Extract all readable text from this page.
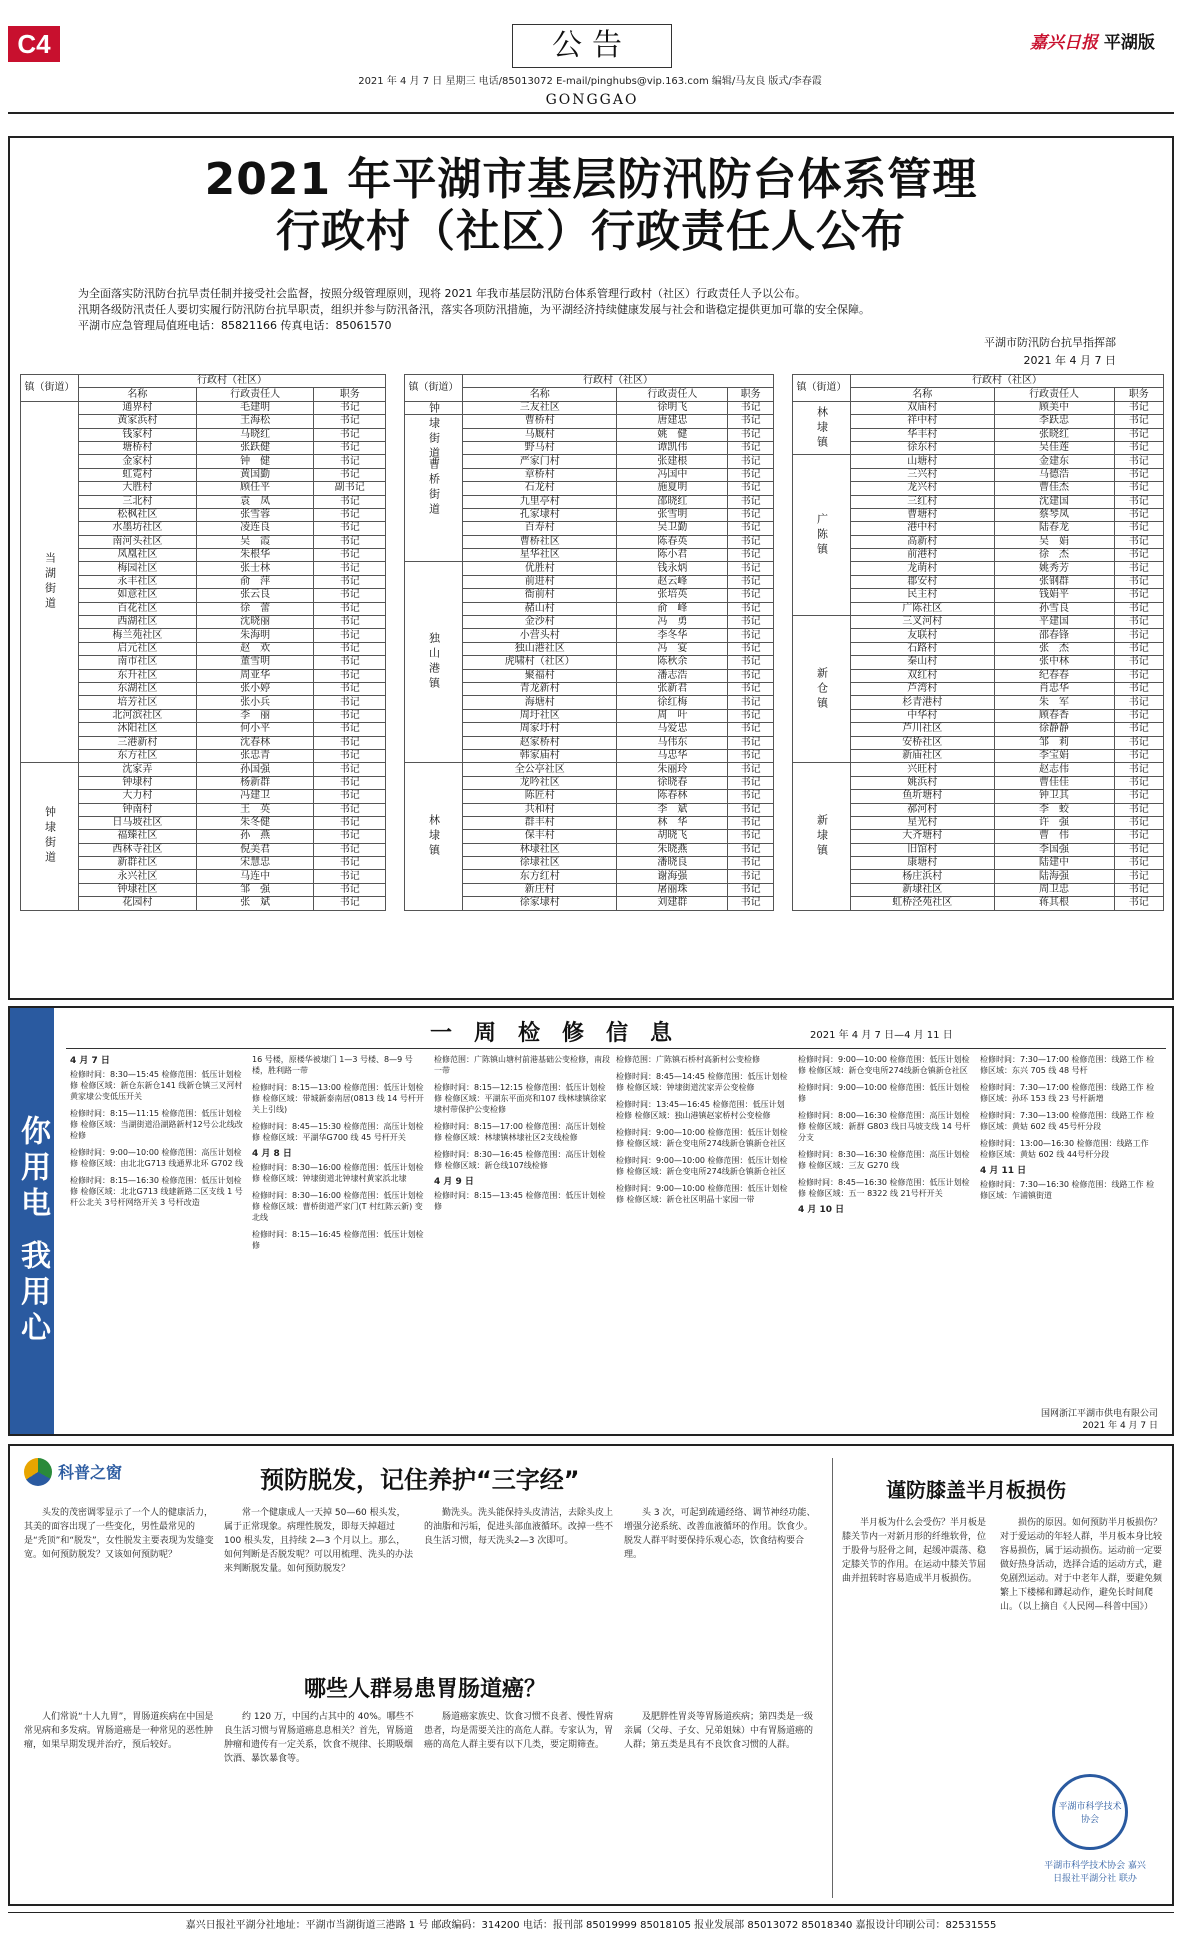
C4	公告
2021 年 4 月 7 日 星期三 电话/85013072 E-mail/pinghubs@vip.163.com 编辑/马友良 版式/李春霞
GONGGAO
嘉兴日报 平湖版
2021 年平湖市基层防汛防台体系管理
行政村（社区）行政责任人公布

为全面落实防汛防台抗旱责任制并接受社会监督，按照分级管理原则，现将 2021 年我市基层防汛防台体系管理行政村（社区）行政责任人予以公布。

汛期各级防汛责任人要切实履行防汛防台抗旱职责，组织并参与防汛备汛，落实各项防汛措施，为平湖经济持续健康发展与社会和谐稳定提供更加可靠的安全保障。

平湖市应急管理局值班电话：85821166 传真电话：85061570

平湖市防汛防台抗旱指挥部
2021 年 4 月 7 日
镇（街道）	行政村（社区）		
	名称	行政责任人	职务
当湖街道	通界村	毛建明	书记
	黄家浜村	王海松	书记
	钱家村	马晓红	书记
	塘桥村	张跃健	书记
	金家村	钟　健	书记
	虹霓村	黄国勤	书记
	大胜村	顾任平	副书记
	三北村	袁　凤	书记
	松枫社区	张雪蓉	书记
	水墨坊社区	凌连良	书记
	南河头社区	吴　霞	书记
	凤凰社区	朱根华	书记
	梅园社区	张士林	书记
	永丰社区	俞　萍	书记
	如意社区	张云良	书记
	百花社区	徐　蕾	书记
	西湖社区	沈晓丽	书记
	梅兰苑社区	朱海明	书记
	启元社区	赵　欢	书记
	南市社区	董雪明	书记
	东升社区	周亚华	书记
	东湖社区	张小婷	书记
	培芳社区	张小兵	书记
	北河滨社区	李　丽	书记
	沐阳社区	何小平	书记
	三港新村	沈春林	书记
	东方社区	张忠青	书记
钟埭街道	沈家弄	孙国强	书记
	钟埭村	杨新群	书记
	大力村	冯建卫	书记
	钟南村	王　英	书记
	日马坡社区	朱冬健	书记
	福臻社区	孙　燕	书记
	西林寺社区	倪美君	书记
	新群社区	宋慧忠	书记
	永兴社区	马连中	书记
	钟埭社区	邹　强	书记
	花园村	张　斌	书记
镇（街道）	行政村（社区）		
	名称	行政责任人	职务
钟埭街道	三友社区	徐明飞	书记
曹桥街道	曹桥村	唐建忠	书记
	马厩村	姚　健	书记
	野马村	谭凯伟	书记
	严家门村	张建根	书记
	章桥村	冯国中	书记
	石龙村	施夏明	书记
	九里亭村	邵晓红	书记
	孔家埭村	张雪明	书记
	百寿村	吴卫勤	书记
	曹桥社区	陈春英	书记
	星华社区	陈小君	书记
独山港镇	优胜村	钱永炳	书记
	前进村	赵云峰	书记
	衙前村	张培英	书记
	赭山村	俞　峰	书记
	金沙村	冯　勇	书记
	小营头村	李冬华	书记
	独山港社区	冯　宴	书记
	虎啸村（社区）	陈秋余	书记
	聚福村	潘志浩	书记
	青龙新村	张新君	书记
	海塘村	徐红梅	书记
	周圩社区	周　叶	书记
	周家圩村	马爱忠	书记
	赵家桥村	马伟东	书记
	韩家庙村	马忠华	书记
林埭镇	全公亭社区	朱丽玲	书记
	龙吟社区	徐晓春	书记
	陈匠村	陈春林	书记
	共和村	李　斌	书记
	群丰村	林　华	书记
	保丰村	胡晓飞	书记
	林埭社区	朱晓燕	书记
	徐埭社区	潘晓良	书记
	东方红村	谢海强	书记
	新庄村	屠丽珠	书记
	徐家埭村	刘建群	书记
镇（街道）	行政村（社区）		
	名称	行政责任人	职务
林埭镇	双庙村	顾美中	书记
	祥中村	李跃忠	书记
	华丰村	张晓红	书记
	徐东村	吴佳莲	书记
广陈镇	山塘村	金建东	书记
	三兴村	马德浩	书记
	龙兴村	曹佳杰	书记
	三红村	沈建国	书记
	曹塘村	蔡琴凤	书记
	港中村	陆春龙	书记
	高新村	吴　娟	书记
	前港村	徐　杰	书记
	龙萌村	姚秀芳	书记
	郡安村	张钢群	书记
	民主村	钱娟平	书记
	广陈社区	孙雪良	书记
新仓镇	三叉河村	平建国	书记
	友联村	邵春锋	书记
	石路村	张　杰	书记
	秦山村	张中林	书记
	双红村	纪春春	书记
	芦湾村	肖忠华	书记
	杉青港村	朱　军	书记
	中华村	顾春香	书记
	芦川社区	徐静静	书记
	安桥社区	邹　莉	书记
	新庙社区	李宝娟	书记
新埭镇	兴旺村	赵志伟	书记
	姚浜村	曹佳佳	书记
	鱼圻塘村	钟卫其	书记
	郝河村	李　蛟	书记
	星光村	许　强	书记
	大齐塘村	曹　伟	书记
	旧馆村	李国强	书记
	康塘村	陆建中	书记
	杨庄浜村	陆海强	书记
	新埭社区	周卫忠	书记
	虹桥泾苑社区	蒋其根	书记
你用电 我用心
一周检修信息	2021 年 4 月 7 日—4 月 11 日
4 月 7 日
检修时间：8:30—15:45 检修范围：低压计划检修 检修区域：新仓东新仓141 线新仓镇三叉河村黄家埭公变低压开关
检修时间：8:15—11:15 检修范围：低压计划检修 检修区域：当湖街道沿湖路新村12号公北线改检修
检修时间：9:00—10:00 检修范围：高压计划检修 检修区域：由北北G713 线通界北环 G702 线
检修时间：8:15—16:30 检修范围：低压计划检修 检修区域：北北G713 线建新路二区支线 1 号杆公北关 3号杆网络开关 3 号杆改造
16 号楼，原楼华被埭门 1—3 号楼、8—9 号楼，胜利路一带
检修时间：8:15—13:00 检修范围：低压计划检修 检修区域：带城新泰南居(0813 线 14 号杆开关上引线)
检修时间：8:45—15:30 检修范围：高压计划检修 检修区域：平湖华G700 线 45 号杆开关
4 月 8 日
检修时间：8:30—16:00 检修范围：低压计划检修 检修区域：钟埭街道北钟埭村黄家浜北埭
检修时间：8:30—16:00 检修范围：低压计划检修 检修区域：曹桥街道严家门(T 村红陈云新) 变北线
检修时间：8:15—16:45 检修范围：低压计划检修
检修范围：广陈镇山塘村前港基础公变检修，南段一带
检修时间：8:15—12:15 检修范围：低压计划检修 检修区域：平湖东平面亮和107 线林埭镇徐家埭村带保护公变检修
检修时间：8:15—17:00 检修范围：高压计划检修 检修区域：林埭镇林埭社区2支线检修
检修时间：8:30—16:45 检修范围：高压计划检修 检修区域：新仓线107线检修
4 月 9 日
检修时间：8:15—13:45 检修范围：低压计划检修
检修范围：广陈镇石桥村高新村公变检修
检修时间：8:45—14:45 检修范围：低压计划检修 检修区域：钟埭街道沈家弄公变检修
检修时间：13:45—16:45 检修范围：低压计划检修 检修区域：独山港镇赵家桥村公变检修
检修时间：9:00—10:00 检修范围：低压计划检修 检修区域：新仓变电所274线新仓镇新仓社区
检修时间：9:00—10:00 检修范围：低压计划检修 检修区域：新仓变电所274线新仓镇新仓社区
检修时间：9:00—10:00 检修范围：低压计划检修 检修区域：新仓社区明晶十家园一带
检修时间：9:00—10:00 检修范围：低压计划检修 检修区域：新仓变电所274线新仓镇新仓社区
检修时间：9:00—10:00 检修范围：低压计划检修
检修时间：8:00—16:30 检修范围：高压计划检修 检修区域：新群 G803 线日马坡支线 14 号杆分支
检修时间：8:30—16:30 检修范围：高压计划检修 检修区域：三友 G270 线
检修时间：8:45—16:30 检修范围：低压计划检修 检修区域：五一 8322 线 21号杆开关
4 月 10 日
检修时间：7:30—17:00 检修范围：线路工作 检修区域：东兴 705 线 48 号杆
检修时间：7:30—17:00 检修范围：线路工作 检修区域：孙环 153 线 23 号杆新增
检修时间：7:30—13:00 检修范围：线路工作 检修区域：黄姑 602 线 45号杆分段
检修时间：13:00—16:30 检修范围：线路工作 检修区域：黄姑 602 线 44号杆分段
4 月 11 日
检修时间：7:30—16:30 检修范围：线路工作 检修区域：乍浦镇街道
国网浙江平湖市供电有限公司
2021 年 4 月 7 日
科普之窗	预防脱发，记住养护“三字经”
哪些人群易患胃肠道癌？
谨防膝盖半月板损伤
头发的茂密调零显示了一个人的健康活力，其美的面容出现了一些变化，男性最常见的是“秃顶”和“脱发”，女性脱发主要表现为发缝变宽。如何预防脱发？又该如何预防呢？
常一个健康成人一天掉 50—60 根头发，属于正常现象。病理性脱发，即每天掉超过 100 根头发，且持续 2—3 个月以上。那么，如何判断是否脱发呢？可以用梳理、洗头的办法来判断脱发量。如何预防脱发？
勤洗头。洗头能保持头皮清洁，去除头皮上的油脂和污垢，促进头部血液循环。改掉一些不良生活习惯，每天洗头2—3 次即可。
头 3 次，可起到疏通经络、调节神经功能、增强分泌系统、改善血液循环的作用。饮食少。脱发人群平时要保持乐观心态，饮食结构要合理。
人们常说“十人九胃”，胃肠道疾病在中国是常见病和多发病。胃肠道癌是一种常见的恶性肿瘤，如果早期发现并治疗，预后较好。
约 120 万，中国约占其中的 40%。哪些不良生活习惯与胃肠道癌息息相关？首先，胃肠道肿瘤和遗传有一定关系，饮食不规律、长期吸烟饮酒、暴饮暴食等。
肠道癌家族史、饮食习惯不良者、慢性胃病患者，均是需要关注的高危人群。专家认为，胃癌的高危人群主要有以下几类，要定期筛查。
及肥胖性胃炎等胃肠道疾病；第四类是一级亲属（父母、子女、兄弟姐妹）中有胃肠道癌的人群；第五类是具有不良饮食习惯的人群。
半月板为什么会受伤？半月板是膝关节内一对新月形的纤维软骨，位于股骨与胫骨之间，起缓冲震荡、稳定膝关节的作用。在运动中膝关节屈曲并扭转时容易造成半月板损伤。
损伤的原因。如何预防半月板损伤？对于爱运动的年轻人群，半月板本身比较容易损伤，属于运动损伤。运动前一定要做好热身活动，选择合适的运动方式，避免剧烈运动。对于中老年人群，要避免频繁上下楼梯和蹲起动作，避免长时间爬山。（以上摘自《人民网—科普中国》）
平湖市科学技术协会
平湖市科学技术协会 嘉兴日报社平湖分社 联办
嘉兴日报社平湖分社地址：平湖市当湖街道三港路 1 号 邮政编码：314200 电话：报刊部 85019999 85018105 报业发展部 85013072 85018340 嘉报设计印刷公司：82531555
